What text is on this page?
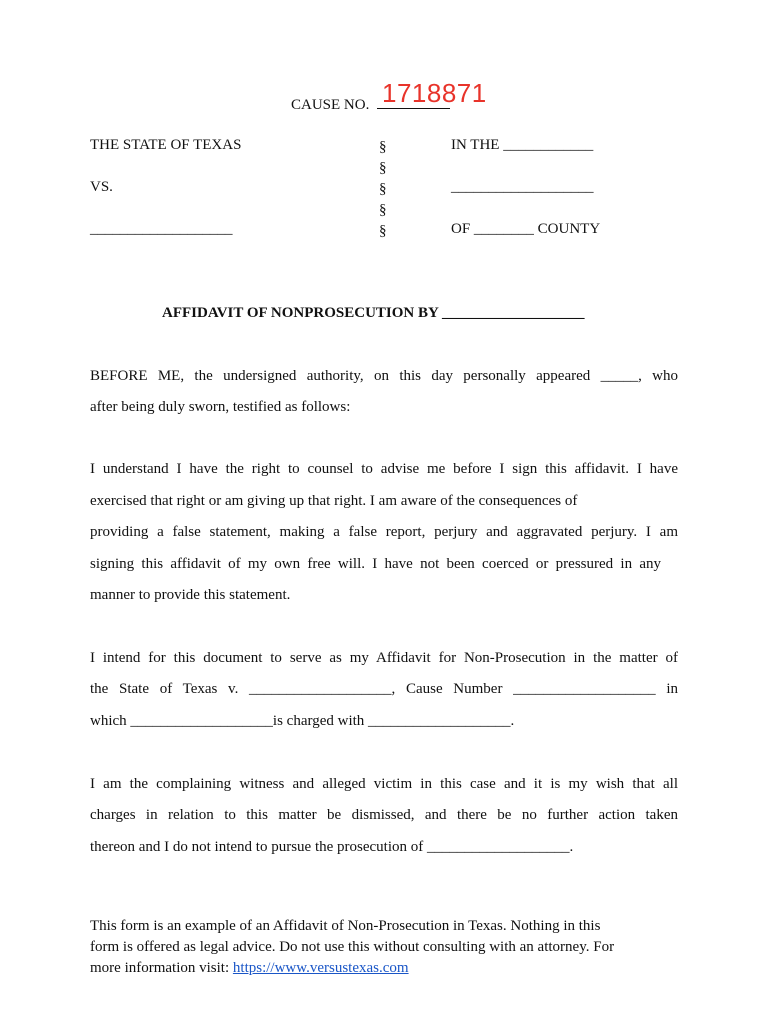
CAUSE NO. 1718871
THE STATE OF TEXAS
VS.
___________________
§
§
§
§
§
IN THE ____________
___________________
OF ________ COUNTY
AFFIDAVIT OF NONPROSECUTION BY ___________________
BEFORE ME, the undersigned authority, on this day personally appeared _____, who
after being duly sworn, testified as follows:
I understand I have the right to counsel to advise me before I sign this affidavit. I have
exercised that right or am giving up that right. I am aware of the consequences of
providing a false statement, making a false report, perjury and aggravated perjury. I am
signing this affidavit of my own free will. I have not been coerced or pressured in any
manner to provide this statement.
I intend for this document to serve as my Affidavit for Non-Prosecution in the matter of
the State of Texas v. ___________________, Cause Number ___________________ in
which ___________________is charged with ___________________.
I am the complaining witness and alleged victim in this case and it is my wish that all
charges in relation to this matter be dismissed, and there be no further action taken
thereon and I do not intend to pursue the prosecution of ___________________.
This form is an example of an Affidavit of Non-Prosecution in Texas. Nothing in this
form is offered as legal advice. Do not use this without consulting with an attorney. For
more information visit: https://www.versustexas.com
